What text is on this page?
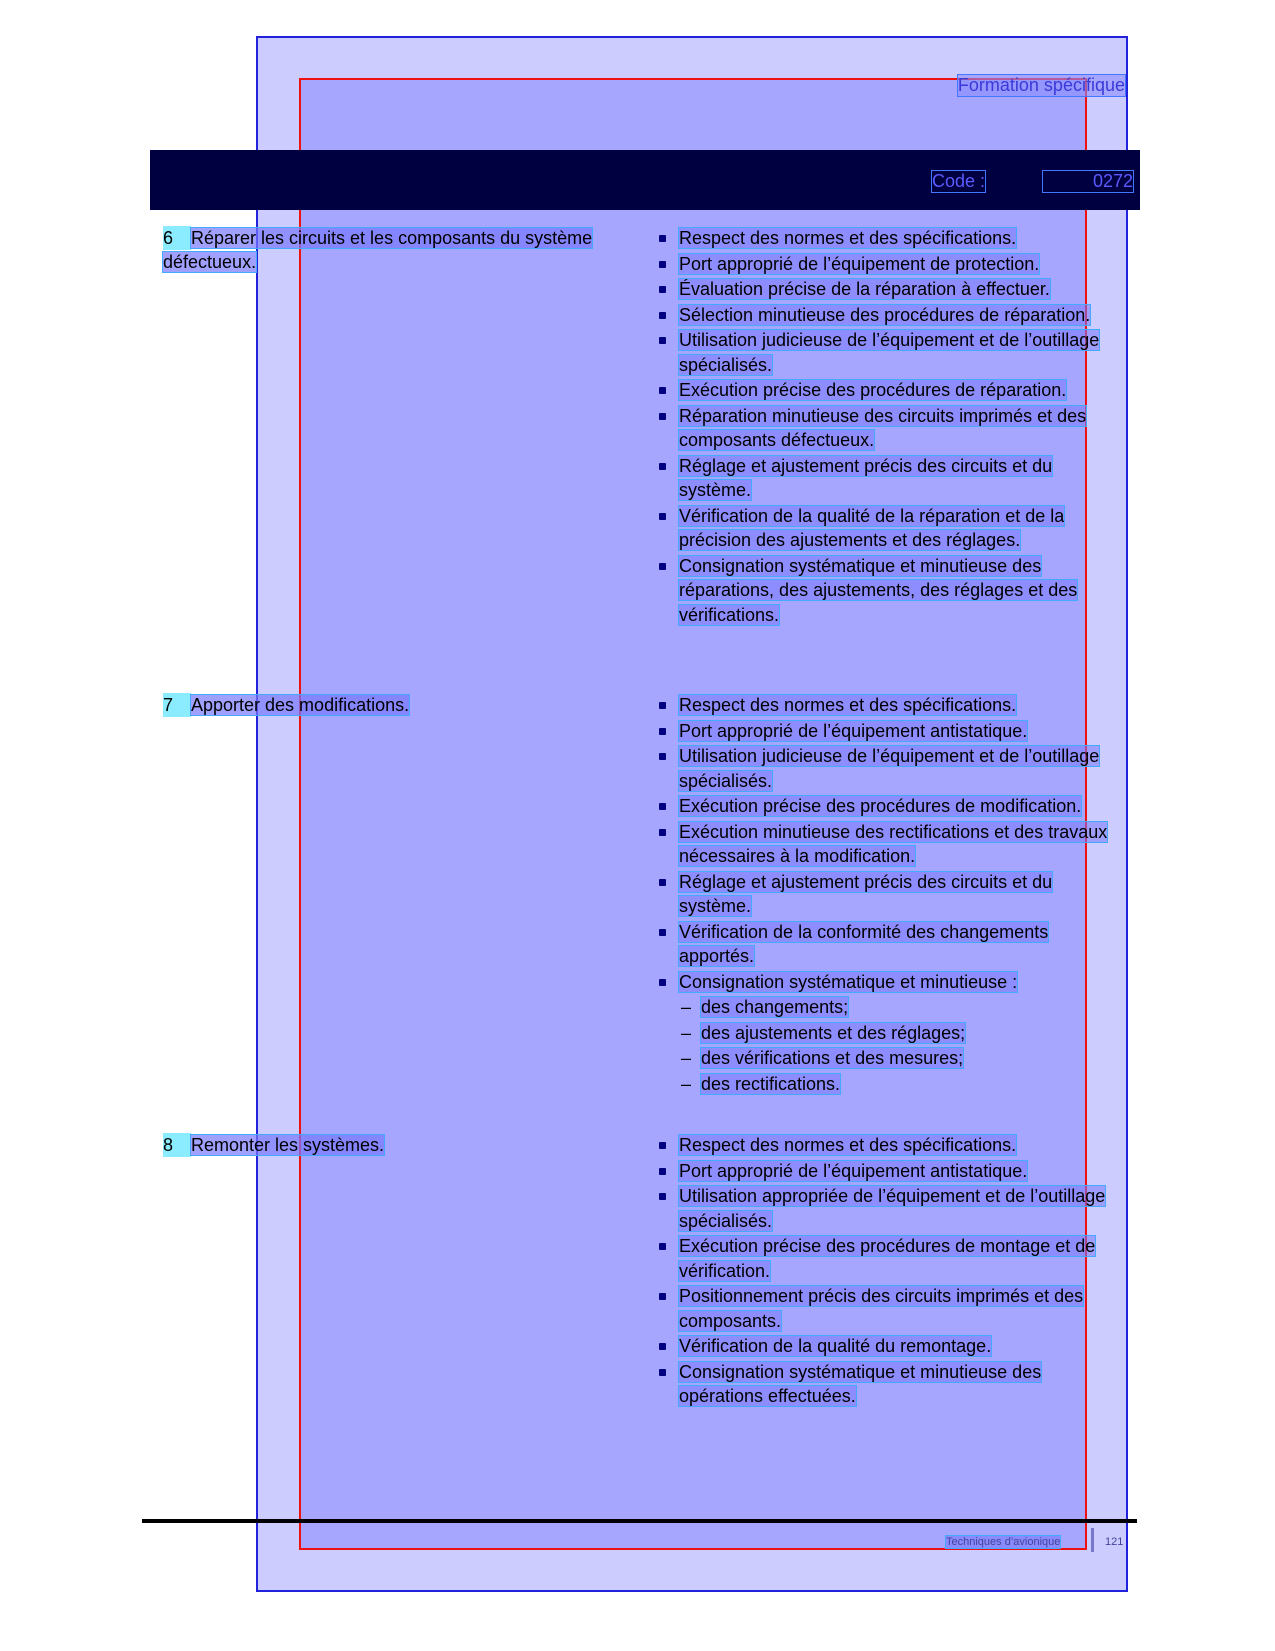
Formation spécifique
Code :	0272
6 Réparer les circuits et les composants du système défectueux.
Respect des normes et des spécifications.
Port approprié de l’équipement de protection.
Évaluation précise de la réparation à effectuer.
Sélection minutieuse des procédures de réparation.
Utilisation judicieuse de l’équipement et de l’outillage spécialisés.
Exécution précise des procédures de réparation.
Réparation minutieuse des circuits imprimés et des composants défectueux.
Réglage et ajustement précis des circuits et du système.
Vérification de la qualité de la réparation et de la précision des ajustements et des réglages.
Consignation systématique et minutieuse des réparations, des ajustements, des réglages et des vérifications.
7 Apporter des modifications.	Respect des normes et des spécifications.
Port approprié de l’équipement antistatique.
Utilisation judicieuse de l’équipement et de l’outillage spécialisés.
Exécution précise des procédures de modification.
Exécution minutieuse des rectifications et des travaux nécessaires à la modification.
Réglage et ajustement précis des circuits et du système.
Vérification de la conformité des changements apportés.
Consignation systématique et minutieuse :
– des changements;
– des ajustements et des réglages;
– des vérifications et des mesures;
– des rectifications.
8 Remonter les systèmes.	Respect des normes et des spécifications.
Port approprié de l’équipement antistatique.
Utilisation appropriée de l’équipement et de l’outillage spécialisés.
Exécution précise des procédures de montage et de vérification.
Positionnement précis des circuits imprimés et des composants.
Vérification de la qualité du remontage.
Consignation systématique et minutieuse des opérations effectuées.
Techniques d’avionique	121
